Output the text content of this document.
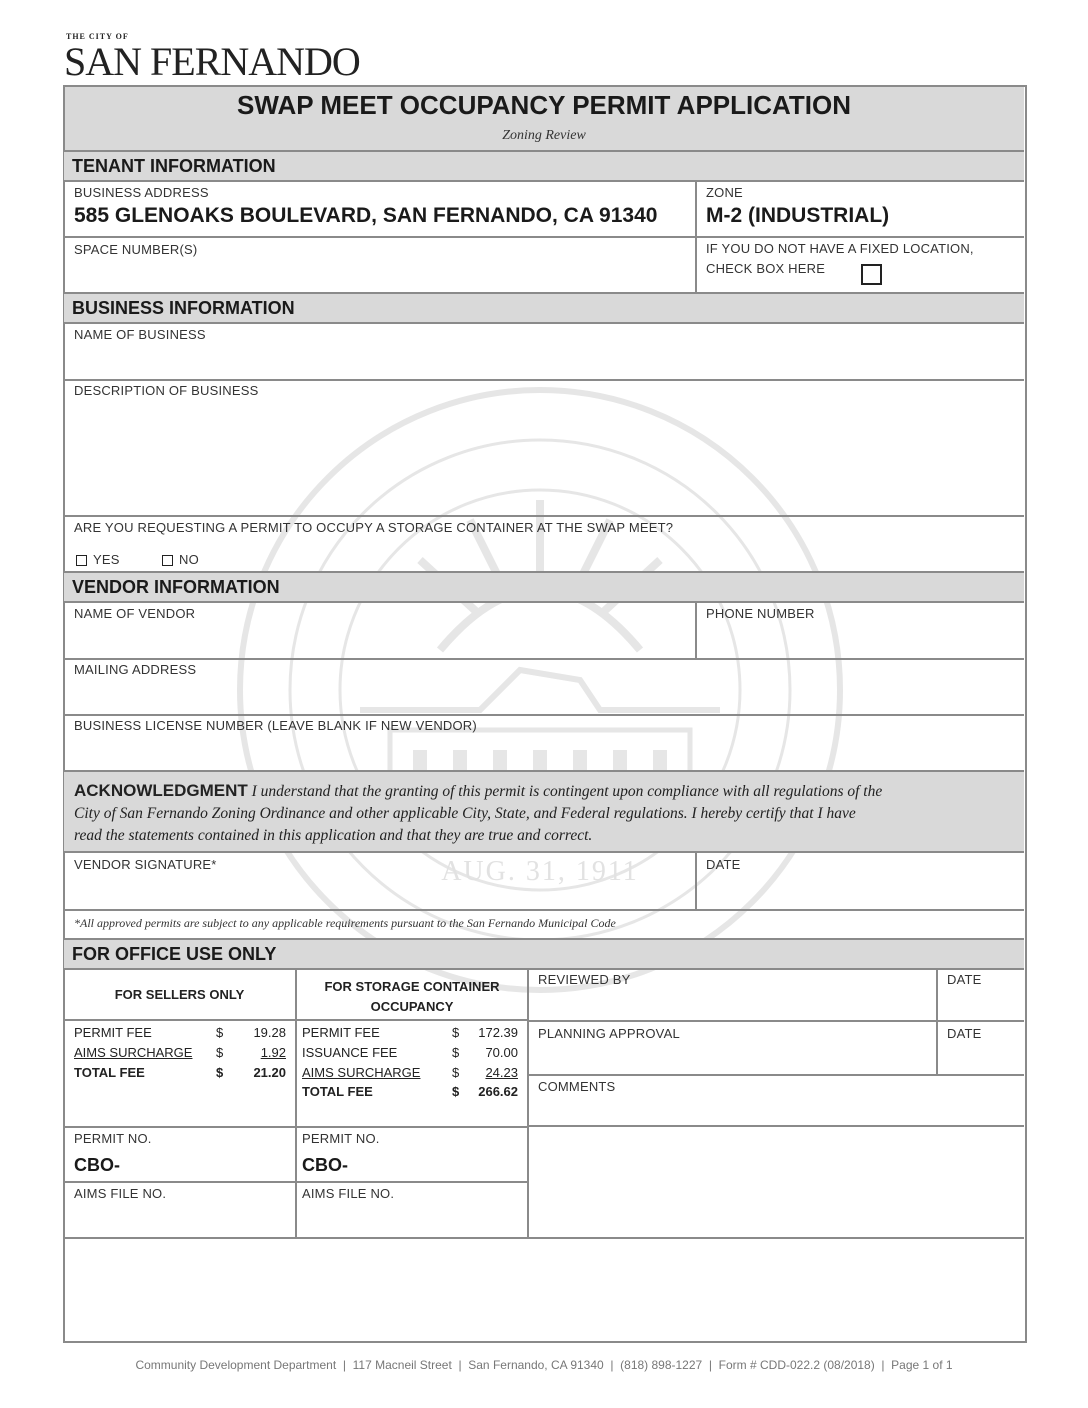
THE CITY OF
SAN FERNANDO
AUG. 31, 1911
SWAP MEET OCCUPANCY PERMIT APPLICATION
Zoning Review
TENANT INFORMATION
BUSINESS ADDRESS
585 GLENOAKS BOULEVARD, SAN FERNANDO, CA 91340
ZONE
M-2 (INDUSTRIAL)
SPACE NUMBER(S)	IF YOU DO NOT HAVE A FIXED LOCATION,
CHECK BOX HERE
BUSINESS INFORMATION
NAME OF BUSINESS
DESCRIPTION OF BUSINESS
ARE YOU REQUESTING A PERMIT TO OCCUPY A STORAGE CONTAINER AT THE SWAP MEET?
YES	NO
VENDOR INFORMATION
NAME OF VENDOR	PHONE NUMBER
MAILING ADDRESS
BUSINESS LICENSE NUMBER (LEAVE BLANK IF NEW VENDOR)
ACKNOWLEDGMENT I understand that the granting of this permit is contingent upon compliance with all regulations of the
City of San Fernando Zoning Ordinance and other applicable City, State, and Federal regulations. I hereby certify that I have
read the statements contained in this application and that they are true and correct.
VENDOR SIGNATURE*	DATE
*All approved permits are subject to any applicable requirements pursuant to the San Fernando Municipal Code
FOR OFFICE USE ONLY
FOR SELLERS ONLY
FOR STORAGE CONTAINER
OCCUPANCY
REVIEWED BY	DATE
PLANNING APPROVAL	DATE
COMMENTS
PERMIT FEE	$ 19.28
AIMS SURCHARGE $	1.92
TOTAL FEE	$ 21.20
PERMIT FEE	$ 172.39
ISSUANCE FEE	$ 70.00
AIMS SURCHARGE $	24.23
TOTAL FEE	$ 266.62
PERMIT NO.
CBO-
PERMIT NO.
CBO-
AIMS FILE NO.	AIMS FILE NO.
Community Development Department  |  117 Macneil Street  |  San Fernando, CA 91340  |  (818) 898-1227  |  Form # CDD-022.2 (08/2018)  |  Page 1 of 1
